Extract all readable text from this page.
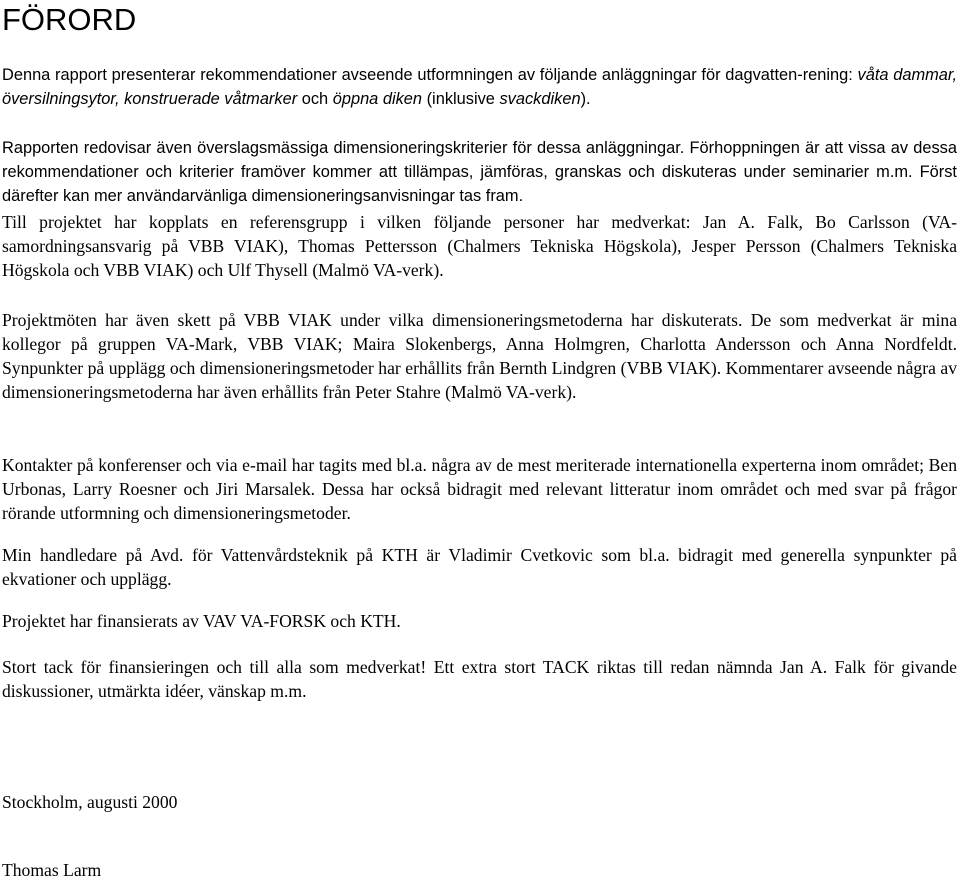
FÖRORD

Denna rapport presenterar rekommendationer avseende utformningen av följande anläggningar för dagvatten-rening: våta dammar, översilningsytor, konstruerade våtmarker och öppna diken (inklusive svackdiken).

Rapporten redovisar även överslagsmässiga dimensioneringskriterier för dessa anläggningar. Förhoppningen är att vissa av dessa rekommendationer och kriterier framöver kommer att tillämpas, jämföras, granskas och diskuteras under seminarier m.m. Först därefter kan mer användarvänliga dimensioneringsanvisningar tas fram.

Till projektet har kopplats en referensgrupp i vilken följande personer har medverkat: Jan A. Falk, Bo Carlsson (VA-samordningsansvarig på VBB VIAK), Thomas Pettersson (Chalmers Tekniska Högskola), Jesper Persson (Chalmers Tekniska Högskola och VBB VIAK) och Ulf Thysell (Malmö VA-verk).

Projektmöten har även skett på VBB VIAK under vilka dimensioneringsmetoderna har diskuterats. De som medverkat är mina kollegor på gruppen VA-Mark, VBB VIAK; Maira Slokenbergs, Anna Holmgren, Charlotta Andersson och Anna Nordfeldt. Synpunkter på upplägg och dimensioneringsmetoder har erhållits från Bernth Lindgren (VBB VIAK). Kommentarer avseende några av dimensioneringsmetoderna har även erhållits från Peter Stahre (Malmö VA-verk).

Kontakter på konferenser och via e-mail har tagits med bl.a. några av de mest meriterade internationella experterna inom området; Ben Urbonas, Larry Roesner och Jiri Marsalek. Dessa har också bidragit med relevant litteratur inom området och med svar på frågor rörande utformning och dimensioneringsmetoder.

Min handledare på Avd. för Vattenvårdsteknik på KTH är Vladimir Cvetkovic som bl.a. bidragit med generella synpunkter på ekvationer och upplägg.

Projektet har finansierats av VAV VA-FORSK och KTH.

Stort tack för finansieringen och till alla som medverkat! Ett extra stort TACK riktas till redan nämnda Jan A. Falk för givande diskussioner, utmärkta idéer, vänskap m.m.

Stockholm, augusti 2000

Thomas Larm
